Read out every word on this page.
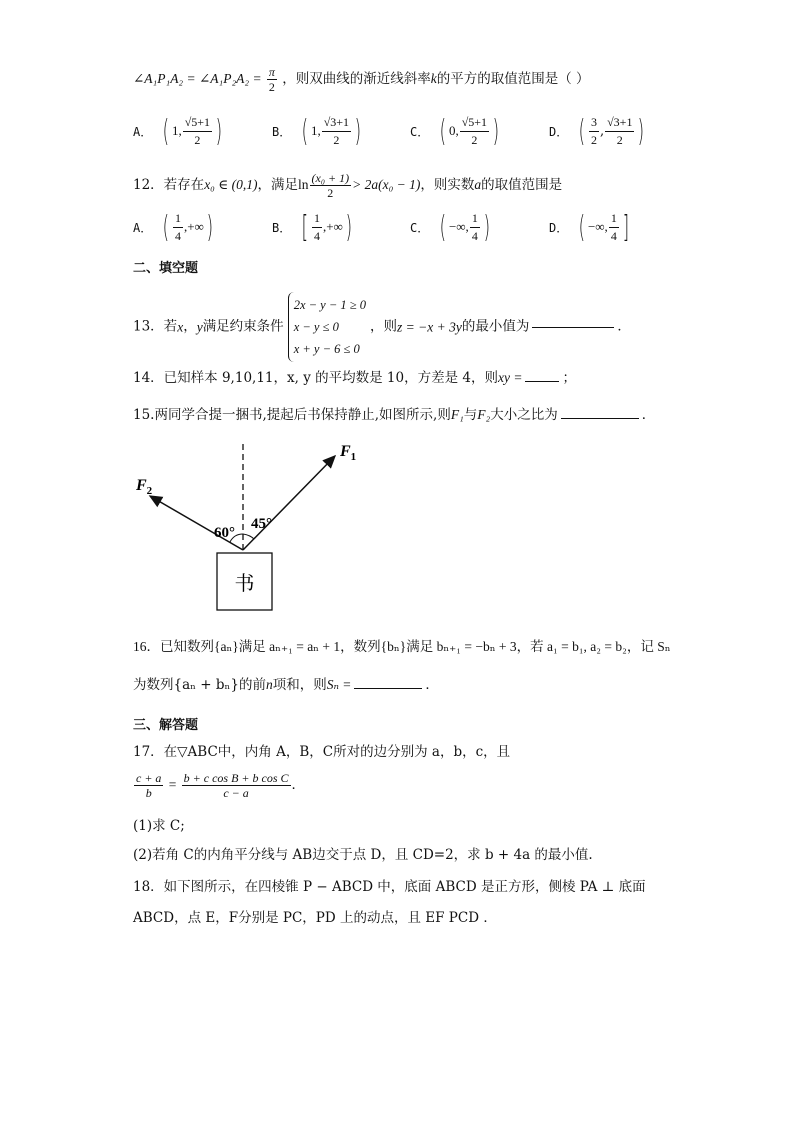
∠A₁P₁A₂ = ∠A₁P₂A₂ = $\frac{\pi}{2}$ ，则双曲线的渐近线斜率k的平方的取值范围是（ ）
A． ( 1, $\frac{√5+1}{2}$ )	B． ( 1, $\frac{√3+1}{2}$ )	C． ( 0, $\frac{√5+1}{2}$ )	D． ( $\frac{3}{2}$ , $\frac{√3+1}{2}$ )
12．若存在x₀ ∈ (0,1)，满足$\ln \frac{\text{(x₀ + 1)}}{2} > 2a(x_0 - 1)$，则实数a的取值范围是
A． ( $\frac{1}{4}$ ,+∞)	B． [ $\frac{1}{4}$ ,+∞)	C． ( −∞, $\frac{1}{4}$ )	D． ( −∞, $\frac{1}{4}$ ]
二、填空题
13．若x，y满足约束条件
2x − y − 1 ≥ 0
x − y ≤ 0
x + y − 6 ≤ 0
，则z = −x + 3y的最小值为	．
14．已知样本 9,10,11，x, y 的平均数是 10，方差是 4，则xy =	；
15.两同学合提一捆书,提起后书保持静止,如图所示,则F₁与F₂大小之比为	．
$F_1$
$F_2$
60°
45°
书
16．已知数列{aₙ}满足 aₙ₊₁ = aₙ + 1，数列{bₙ}满足 bₙ₊₁ = −bₙ + 3，若 a₁ = b₁, a₂ = b₂，记 Sₙ
为数列{aₙ + bₙ}的前n项和，则Sₙ =	．
三、解答题
17．在▽ABC中，内角 A，B，C所对的边分别为 a，b，c，且
$\frac{c + a}{b} = \frac{\text{b + c cos B + b cos C}}{c - a}$ ．
(1)求 C;
(2)若角 C的内角平分线与 AB边交于点 D，且 CD=2，求 b + 4a 的最小值.
18．如下图所示，在四棱锥 P − ABCD 中，底面 ABCD 是正方形，侧棱 PA ⊥ 底面
ABCD，点 E，F分别是 PC，PD 上的动点，且 EF PCD ．
